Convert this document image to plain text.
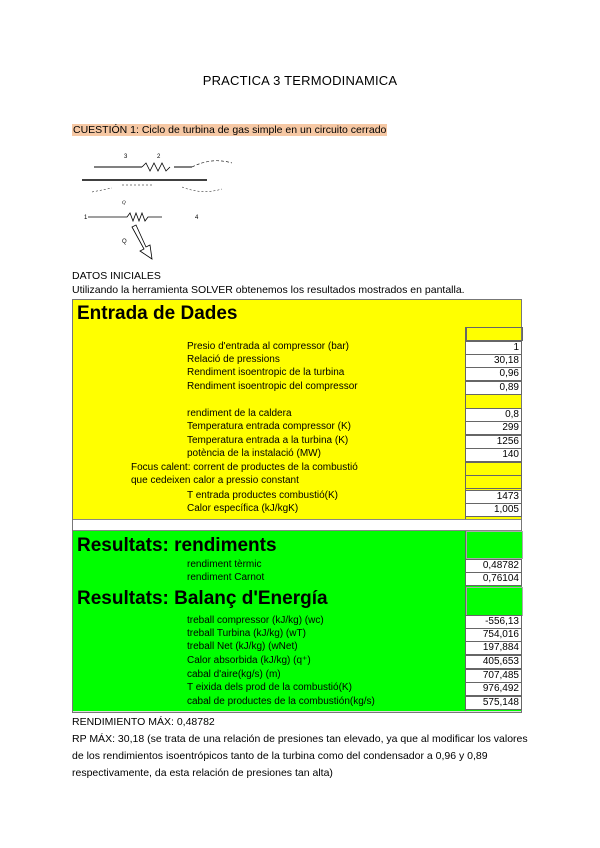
PRACTICA 3 TERMODINAMICA
CUESTIÓN 1: Ciclo de turbina de gas simple en un circuito cerrado
3	2
Q
1	4
Q
DATOS INICIALES
Utilizando la herramienta SOLVER obtenemos los resultados mostrados en pantalla.
Entrada de Dades
Presio d'entrada al compressor (bar)	1
Relació de pressions	30,18
Rendiment isoentropic de la turbina	0,96
Rendiment isoentropic del compressor	0,89
rendiment de la caldera	0,8
Temperatura entrada compressor (K)	299
Temperatura entrada a la turbina (K)	1256
potència de la instalació (MW)	140
Focus calent: corrent de productes de la combustió
que cedeixen calor a pressio constant
T entrada productes combustió(K)	1473
Calor específica (kJ/kgK)	1,005
Resultats: rendiments
Resultats: Balanç d'Energía
rendiment tèrmic	0,48782
rendiment Carnot	0,76104
treball compressor (kJ/kg) (wc)	-556,13
treball Turbina (kJ/kg) (wT)	754,016
treball Net (kJ/kg) (wNet)	197,884
Calor absorbida (kJ/kg) (q⁺)	405,653
cabal d'aire(kg/s) (m)	707,485
T eixida dels prod de la combustió(K)	976,492
cabal de productes de la combustión(kg/s)	575,148
RENDIMIENTO MÁX: 0,48782
RP MÁX: 30,18 (se trata de una relación de presiones tan elevado, ya que al modificar los valores de los rendimientos isoentrópicos tanto de la turbina como del condensador a 0,96 y 0,89 respectivamente, da esta relación de presiones tan alta)
